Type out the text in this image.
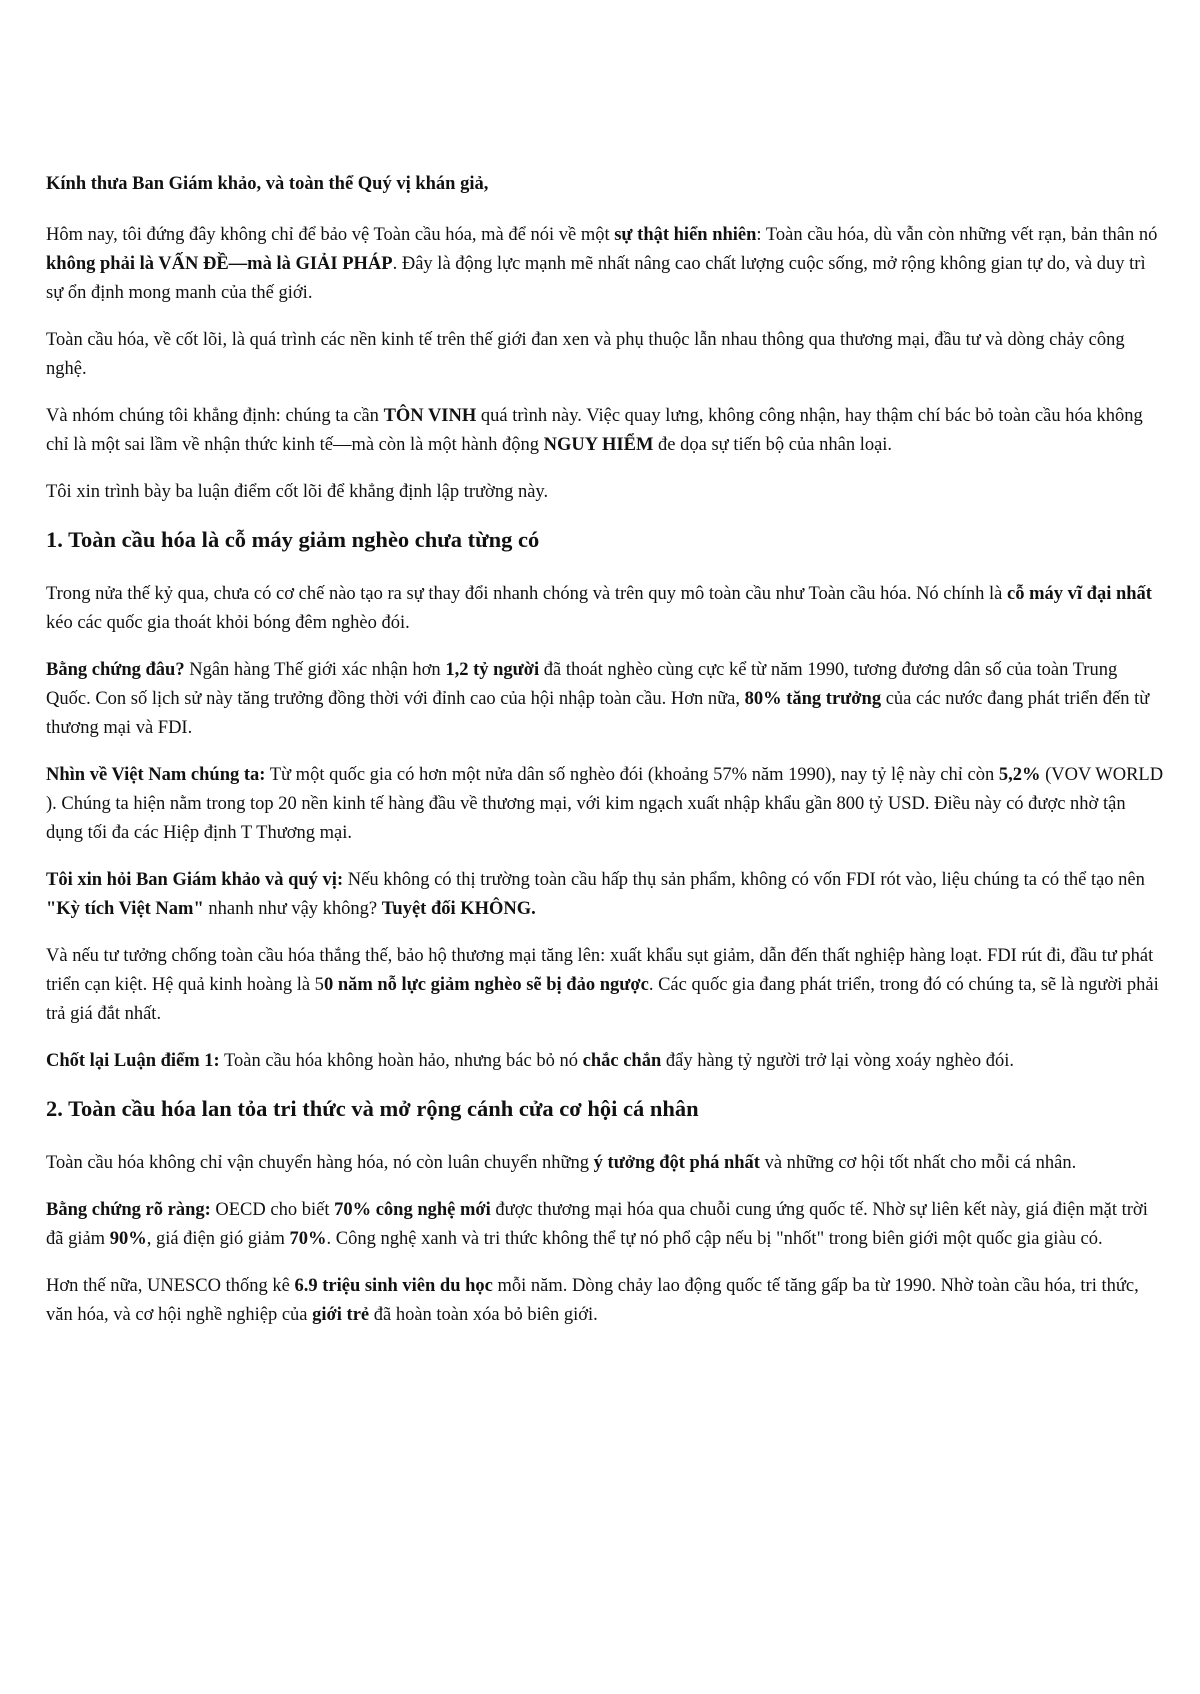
Kính thưa Ban Giám khảo, và toàn thể Quý vị khán giả,

Hôm nay, tôi đứng đây không chỉ để bảo vệ Toàn cầu hóa, mà để nói về một sự thật hiển nhiên: Toàn cầu hóa, dù vẫn còn những vết rạn, bản thân nó không phải là VẤN ĐỀ—mà là GIẢI PHÁP. Đây là động lực mạnh mẽ nhất nâng cao chất lượng cuộc sống, mở rộng không gian tự do, và duy trì sự ổn định mong manh của thế giới.

Toàn cầu hóa, về cốt lõi, là quá trình các nền kinh tế trên thế giới đan xen và phụ thuộc lẫn nhau thông qua thương mại, đầu tư và dòng chảy công nghệ.

Và nhóm chúng tôi khẳng định: chúng ta cần TÔN VINH quá trình này. Việc quay lưng, không công nhận, hay thậm chí bác bỏ toàn cầu hóa không chỉ là một sai lầm về nhận thức kinh tế—mà còn là một hành động NGUY HIỂM đe dọa sự tiến bộ của nhân loại.

Tôi xin trình bày ba luận điểm cốt lõi để khẳng định lập trường này.

1. Toàn cầu hóa là cỗ máy giảm nghèo chưa từng có

Trong nửa thế kỷ qua, chưa có cơ chế nào tạo ra sự thay đổi nhanh chóng và trên quy mô toàn cầu như Toàn cầu hóa. Nó chính là cỗ máy vĩ đại nhất kéo các quốc gia thoát khỏi bóng đêm nghèo đói.

Bằng chứng đâu? Ngân hàng Thế giới xác nhận hơn 1,2 tỷ người đã thoát nghèo cùng cực kể từ năm 1990, tương đương dân số của toàn Trung Quốc. Con số lịch sử này tăng trưởng đồng thời với đỉnh cao của hội nhập toàn cầu. Hơn nữa, 80% tăng trưởng của các nước đang phát triển đến từ thương mại và FDI.

Nhìn về Việt Nam chúng ta: Từ một quốc gia có hơn một nửa dân số nghèo đói (khoảng 57% năm 1990), nay tỷ lệ này chỉ còn 5,2% (VOV WORLD ). Chúng ta hiện nằm trong top 20 nền kinh tế hàng đầu về thương mại, với kim ngạch xuất nhập khẩu gần 800 tỷ USD. Điều này có được nhờ tận dụng tối đa các Hiệp định T Thương mại.

Tôi xin hỏi Ban Giám khảo và quý vị: Nếu không có thị trường toàn cầu hấp thụ sản phẩm, không có vốn FDI rót vào, liệu chúng ta có thể tạo nên "Kỳ tích Việt Nam" nhanh như vậy không? Tuyệt đối KHÔNG.

Và nếu tư tưởng chống toàn cầu hóa thắng thế, bảo hộ thương mại tăng lên: xuất khẩu sụt giảm, dẫn đến thất nghiệp hàng loạt. FDI rút đi, đầu tư phát triển cạn kiệt. Hệ quả kinh hoàng là 50 năm nỗ lực giảm nghèo sẽ bị đảo ngược. Các quốc gia đang phát triển, trong đó có chúng ta, sẽ là người phải trả giá đắt nhất.

Chốt lại Luận điểm 1: Toàn cầu hóa không hoàn hảo, nhưng bác bỏ nó chắc chắn đẩy hàng tỷ người trở lại vòng xoáy nghèo đói.

2. Toàn cầu hóa lan tỏa tri thức và mở rộng cánh cửa cơ hội cá nhân

Toàn cầu hóa không chỉ vận chuyển hàng hóa, nó còn luân chuyển những ý tưởng đột phá nhất và những cơ hội tốt nhất cho mỗi cá nhân.

Bằng chứng rõ ràng: OECD cho biết 70% công nghệ mới được thương mại hóa qua chuỗi cung ứng quốc tế. Nhờ sự liên kết này, giá điện mặt trời đã giảm 90%, giá điện gió giảm 70%. Công nghệ xanh và tri thức không thể tự nó phổ cập nếu bị "nhốt" trong biên giới một quốc gia giàu có.

Hơn thế nữa, UNESCO thống kê 6.9 triệu sinh viên du học mỗi năm. Dòng chảy lao động quốc tế tăng gấp ba từ 1990. Nhờ toàn cầu hóa, tri thức, văn hóa, và cơ hội nghề nghiệp của giới trẻ đã hoàn toàn xóa bỏ biên giới.
